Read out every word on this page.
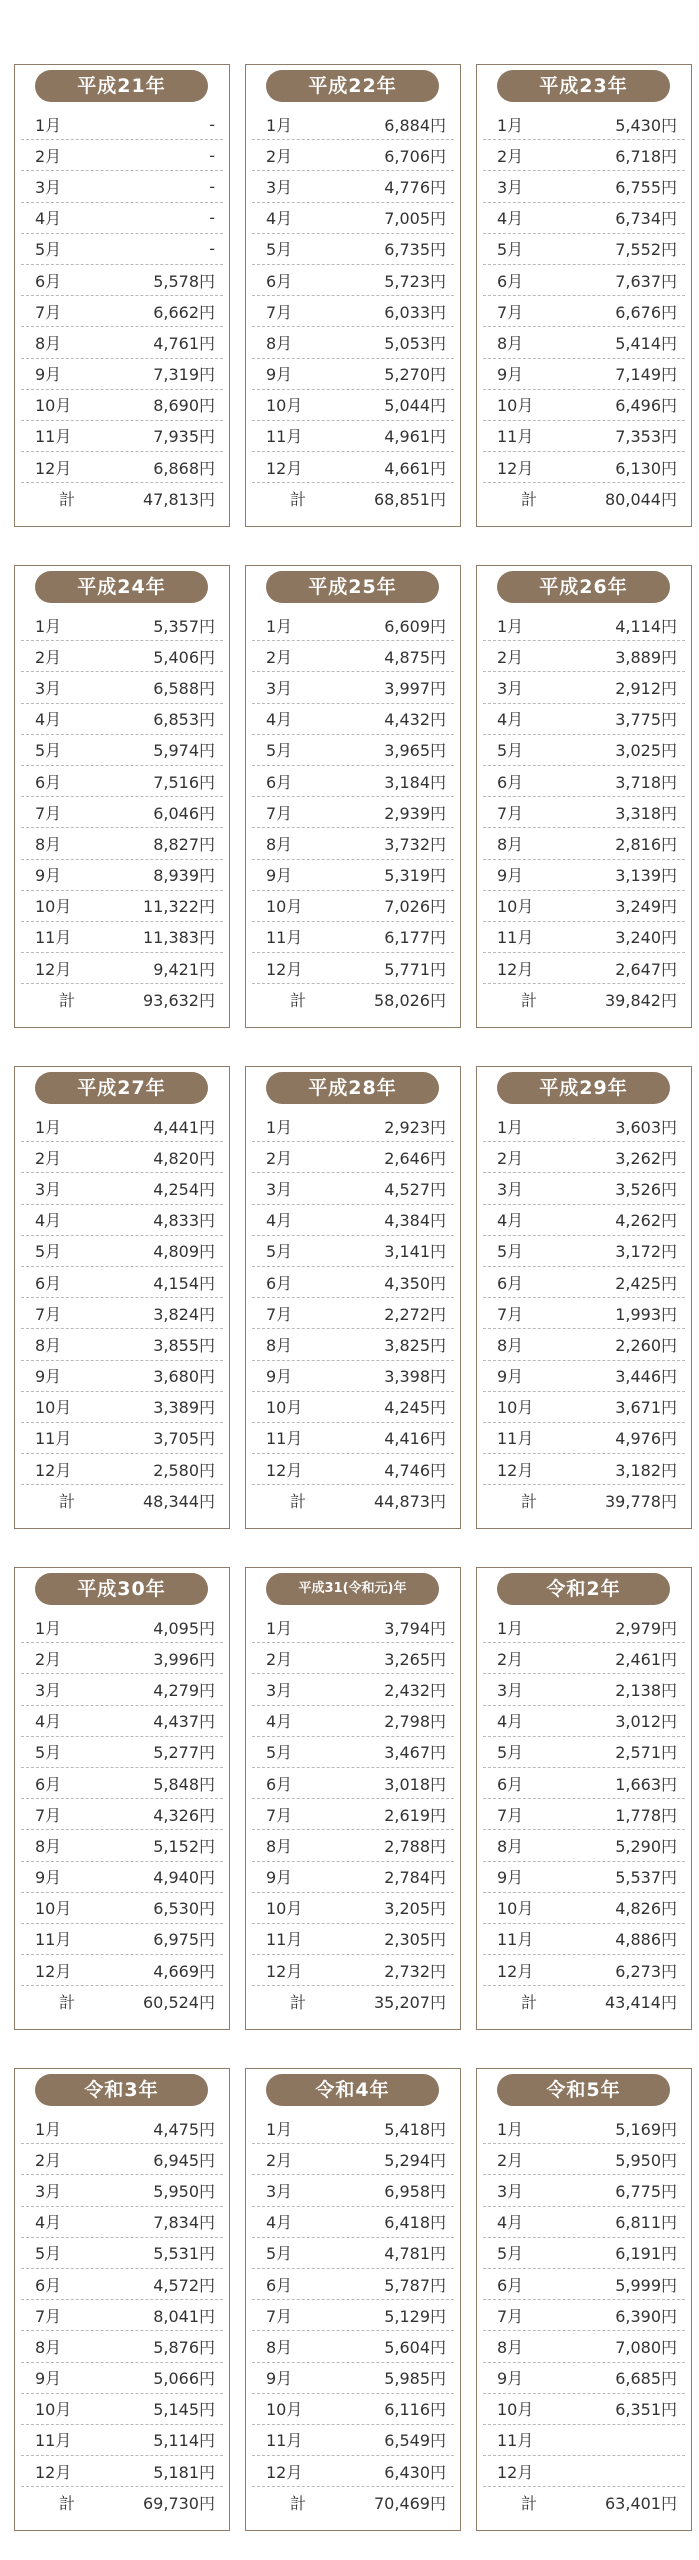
平成21年
1月	-
2月	-
3月	-
4月	-
5月	-
6月	5,578円
7月	6,662円
8月	4,761円
9月	7,319円
10月	8,690円
11月	7,935円
12月	6,868円
計	47,813円
平成22年
1月	6,884円
2月	6,706円
3月	4,776円
4月	7,005円
5月	6,735円
6月	5,723円
7月	6,033円
8月	5,053円
9月	5,270円
10月	5,044円
11月	4,961円
12月	4,661円
計	68,851円
平成23年
1月	5,430円
2月	6,718円
3月	6,755円
4月	6,734円
5月	7,552円
6月	7,637円
7月	6,676円
8月	5,414円
9月	7,149円
10月	6,496円
11月	7,353円
12月	6,130円
計	80,044円
平成24年
1月	5,357円
2月	5,406円
3月	6,588円
4月	6,853円
5月	5,974円
6月	7,516円
7月	6,046円
8月	8,827円
9月	8,939円
10月	11,322円
11月	11,383円
12月	9,421円
計	93,632円
平成25年
1月	6,609円
2月	4,875円
3月	3,997円
4月	4,432円
5月	3,965円
6月	3,184円
7月	2,939円
8月	3,732円
9月	5,319円
10月	7,026円
11月	6,177円
12月	5,771円
計	58,026円
平成26年
1月	4,114円
2月	3,889円
3月	2,912円
4月	3,775円
5月	3,025円
6月	3,718円
7月	3,318円
8月	2,816円
9月	3,139円
10月	3,249円
11月	3,240円
12月	2,647円
計	39,842円
平成27年
1月	4,441円
2月	4,820円
3月	4,254円
4月	4,833円
5月	4,809円
6月	4,154円
7月	3,824円
8月	3,855円
9月	3,680円
10月	3,389円
11月	3,705円
12月	2,580円
計	48,344円
平成28年
1月	2,923円
2月	2,646円
3月	4,527円
4月	4,384円
5月	3,141円
6月	4,350円
7月	2,272円
8月	3,825円
9月	3,398円
10月	4,245円
11月	4,416円
12月	4,746円
計	44,873円
平成29年
1月	3,603円
2月	3,262円
3月	3,526円
4月	4,262円
5月	3,172円
6月	2,425円
7月	1,993円
8月	2,260円
9月	3,446円
10月	3,671円
11月	4,976円
12月	3,182円
計	39,778円
平成30年
1月	4,095円
2月	3,996円
3月	4,279円
4月	4,437円
5月	5,277円
6月	5,848円
7月	4,326円
8月	5,152円
9月	4,940円
10月	6,530円
11月	6,975円
12月	4,669円
計	60,524円
平成31(令和元)年
1月	3,794円
2月	3,265円
3月	2,432円
4月	2,798円
5月	3,467円
6月	3,018円
7月	2,619円
8月	2,788円
9月	2,784円
10月	3,205円
11月	2,305円
12月	2,732円
計	35,207円
令和2年
1月	2,979円
2月	2,461円
3月	2,138円
4月	3,012円
5月	2,571円
6月	1,663円
7月	1,778円
8月	5,290円
9月	5,537円
10月	4,826円
11月	4,886円
12月	6,273円
計	43,414円
令和3年
1月	4,475円
2月	6,945円
3月	5,950円
4月	7,834円
5月	5,531円
6月	4,572円
7月	8,041円
8月	5,876円
9月	5,066円
10月	5,145円
11月	5,114円
12月	5,181円
計	69,730円
令和4年
1月	5,418円
2月	5,294円
3月	6,958円
4月	6,418円
5月	4,781円
6月	5,787円
7月	5,129円
8月	5,604円
9月	5,985円
10月	6,116円
11月	6,549円
12月	6,430円
計	70,469円
令和5年
1月	5,169円
2月	5,950円
3月	6,775円
4月	6,811円
5月	6,191円
6月	5,999円
7月	6,390円
8月	7,080円
9月	6,685円
10月	6,351円
11月
12月
計	63,401円
